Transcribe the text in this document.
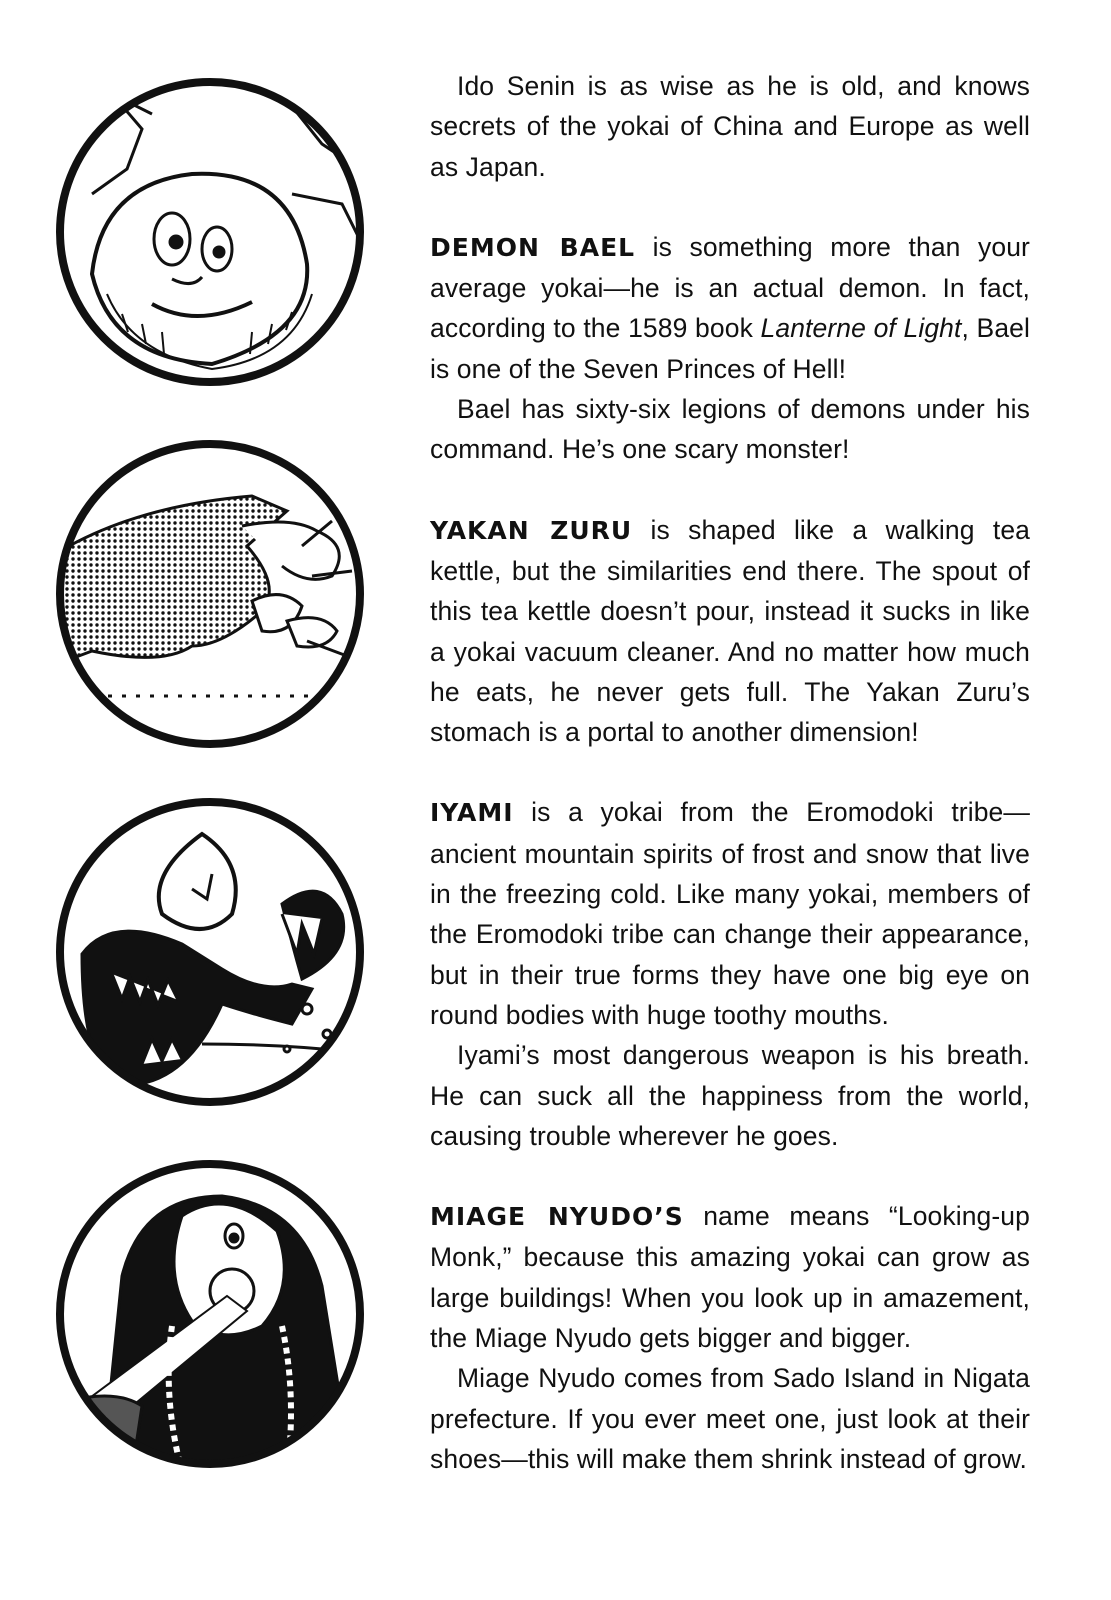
Ido Senin is as wise as he is old, and knows secrets of the yokai of China and Europe as well as Japan.

DEMON BAEL is something more than your average yokai—he is an actual demon. In fact, according to the 1589 book Lanterne of Light, Bael is one of the Seven Princes of Hell!

Bael has sixty-six legions of demons under his command. He’s one scary monster!

YAKAN ZURU is shaped like a walking tea kettle, but the similarities end there. The spout of this tea kettle doesn’t pour, instead it sucks in like a yokai vacuum cleaner. And no matter how much he eats, he never gets full. The Yakan Zuru’s stomach is a portal to another dimension!

IYAMI is a yokai from the Eromodoki tribe—ancient mountain spirits of frost and snow that live in the freezing cold. Like many yokai, members of the Eromodoki tribe can change their appearance, but in their true forms they have one big eye on round bodies with huge toothy mouths.

Iyami’s most dangerous weapon is his breath. He can suck all the happiness from the world, causing trouble wherever he goes.

MIAGE NYUDO’S name means “Looking-up Monk,” because this amazing yokai can grow as large buildings! When you look up in amazement, the Miage Nyudo gets bigger and bigger.

Miage Nyudo comes from Sado Island in Nigata prefecture. If you ever meet one, just look at their shoes—this will make them shrink instead of grow.
